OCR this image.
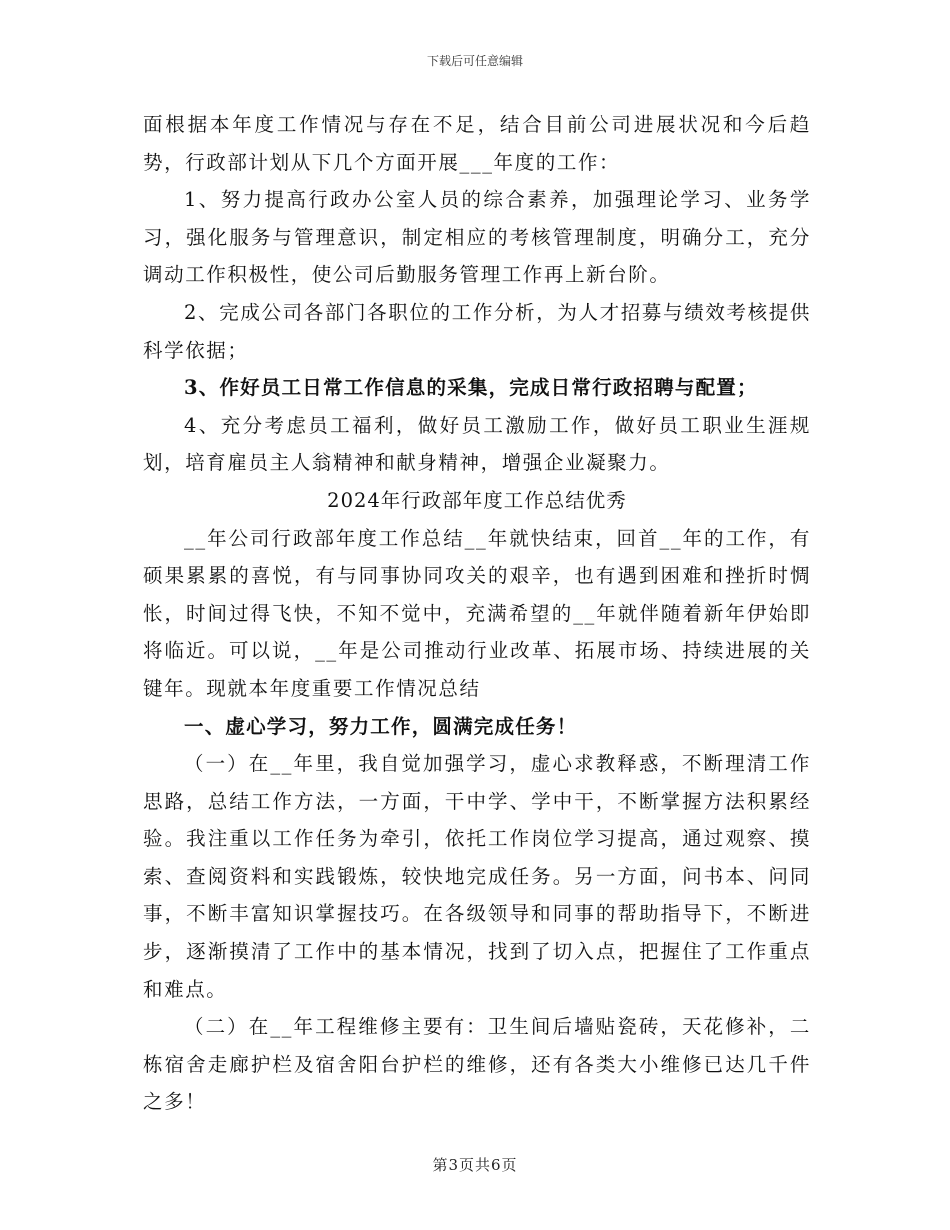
下载后可任意编辑

面根据本年度工作情况与存在不足，结合目前公司进展状况和今后趋势，行政部计划从下几个方面开展___年度的工作：

1、努力提高行政办公室人员的综合素养，加强理论学习、业务学习，强化服务与管理意识，制定相应的考核管理制度，明确分工，充分调动工作积极性，使公司后勤服务管理工作再上新台阶。

2、完成公司各部门各职位的工作分析，为人才招募与绩效考核提供科学依据；

3、作好员工日常工作信息的采集，完成日常行政招聘与配置；

4、充分考虑员工福利，做好员工激励工作，做好员工职业生涯规划，培育雇员主人翁精神和献身精神，增强企业凝聚力。

2024年行政部年度工作总结优秀

__年公司行政部年度工作总结__年就快结束，回首__年的工作，有硕果累累的喜悦，有与同事协同攻关的艰辛，也有遇到困难和挫折时惆怅，时间过得飞快，不知不觉中，充满希望的__年就伴随着新年伊始即将临近。可以说，__年是公司推动行业改革、拓展市场、持续进展的关键年。现就本年度重要工作情况总结

一、虚心学习，努力工作，圆满完成任务！

（一）在__年里，我自觉加强学习，虚心求教释惑，不断理清工作思路，总结工作方法，一方面，干中学、学中干，不断掌握方法积累经验。我注重以工作任务为牵引，依托工作岗位学习提高，通过观察、摸索、查阅资料和实践锻炼，较快地完成任务。另一方面，问书本、问同事，不断丰富知识掌握技巧。在各级领导和同事的帮助指导下，不断进步，逐渐摸清了工作中的基本情况，找到了切入点，把握住了工作重点和难点。

（二）在__年工程维修主要有：卫生间后墙贴瓷砖，天花修补，二栋宿舍走廊护栏及宿舍阳台护栏的维修，还有各类大小维修已达几千件之多！

第3页共6页
